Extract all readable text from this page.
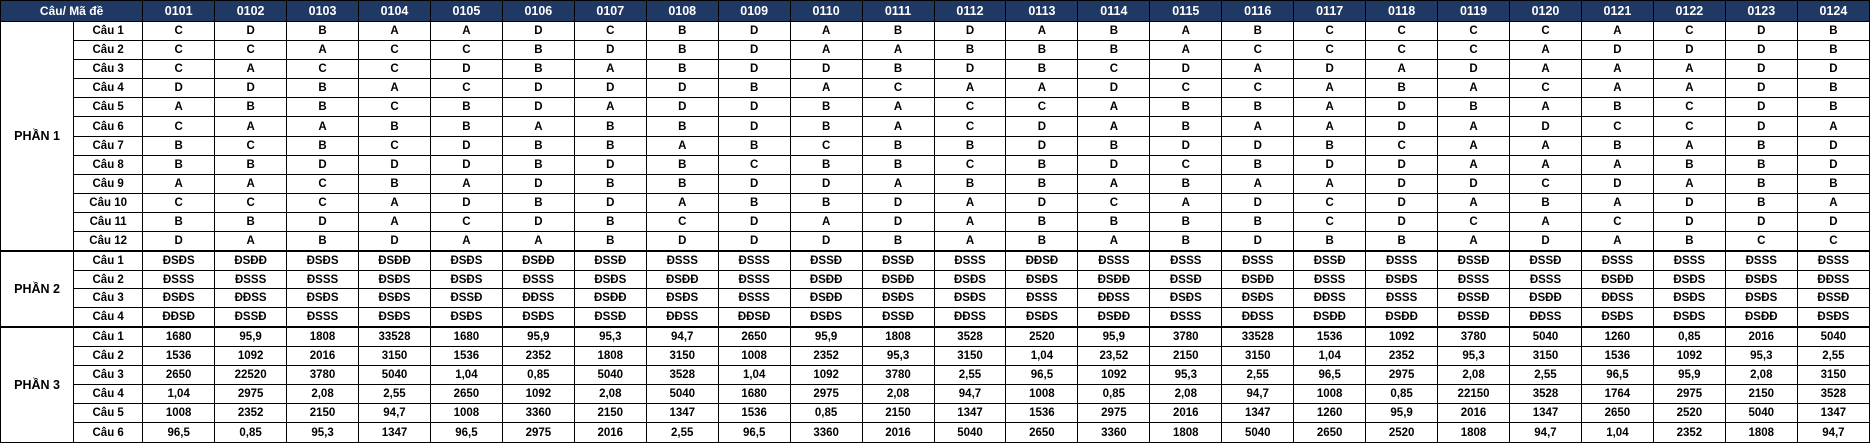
Câu/ Mã đề		0101	0102	0103	0104	0105	0106	0107	0108	0109	0110	0111	0112	0113	0114	0115	0116	0117	0118	0119	0120	0121	0122	0123	0124
PHẦN 1	Câu 1	C	D	B	A	A	D	C	B	D	A	B	D	A	B	A	B	C	C	C	C	A	C	D	B
	Câu 2	C	C	A	C	C	B	D	B	D	A	A	B	B	B	A	C	C	C	C	A	D	D	D	B
	Câu 3	C	A	C	C	D	B	A	B	D	D	B	D	B	C	D	A	D	A	D	A	A	A	D	D
	Câu 4	D	D	B	A	C	D	D	D	B	A	C	A	A	D	C	C	A	B	A	C	A	A	D	B
	Câu 5	A	B	B	C	B	D	A	D	D	B	A	C	C	A	B	B	A	D	B	A	B	C	D	B
	Câu 6	C	A	A	B	B	A	B	B	D	B	A	C	D	A	B	A	A	D	A	D	C	C	D	A
	Câu 7	B	C	B	C	D	B	B	A	B	C	B	B	D	B	D	D	B	C	A	A	B	A	B	D
	Câu 8	B	B	D	D	D	B	D	B	C	B	B	C	B	D	C	B	D	D	A	A	A	B	B	D
	Câu 9	A	A	C	B	A	D	B	B	D	D	A	B	B	A	B	A	A	D	D	C	D	A	B	B
	Câu 10	C	C	C	A	D	B	D	A	B	B	D	A	D	C	A	D	C	D	A	B	A	D	B	A
	Câu 11	B	B	D	A	C	D	B	C	D	A	D	A	B	B	B	B	C	D	C	A	C	D	D	D
	Câu 12	D	A	B	D	A	A	B	D	D	D	B	A	B	A	B	D	B	B	A	D	A	B	C	C
PHẦN 2	Câu 1	ĐSĐS	ĐSĐĐ	ĐSĐS	ĐSĐĐ	ĐSĐS	ĐSĐĐ	ĐSSĐ	ĐSSS	ĐSSS	ĐSSĐ	ĐSSĐ	ĐSSS	ĐĐSĐ	ĐSSS	ĐSSS	ĐSSS	ĐSSĐ	ĐSSS	ĐSSĐ	ĐSSĐ	ĐSSS	ĐSSS	ĐSSS	ĐSSS
	Câu 2	ĐSSS	ĐSSS	ĐSSS	ĐSĐS	ĐSĐS	ĐSSS	ĐSĐS	ĐSĐĐ	ĐSSS	ĐSĐĐ	ĐSĐĐ	ĐSĐS	ĐSĐS	ĐSĐĐ	ĐSSĐ	ĐSĐĐ	ĐSSS	ĐSĐS	ĐSSS	ĐSSS	ĐSĐĐ	ĐSĐS	ĐSĐS	ĐĐSS
	Câu 3	ĐSĐS	ĐĐSS	ĐSĐS	ĐSĐS	ĐSSĐ	ĐĐSS	ĐSĐĐ	ĐSĐS	ĐSSS	ĐSĐĐ	ĐSĐS	ĐSĐS	ĐSSS	ĐĐSS	ĐSĐS	ĐSĐS	ĐĐSS	ĐSSS	ĐSSĐ	ĐSĐĐ	ĐĐSS	ĐSĐS	ĐSĐS	ĐSSĐ
	Câu 4	ĐĐSĐ	ĐSSĐ	ĐSSS	ĐSĐS	ĐSĐS	ĐSĐS	ĐSSĐ	ĐĐSS	ĐĐSĐ	ĐSĐS	ĐSSĐ	ĐĐSS	ĐSĐS	ĐSĐĐ	ĐSSS	ĐĐSS	ĐSĐĐ	ĐSĐĐ	ĐSSĐ	ĐĐSS	ĐSĐS	ĐSĐS	ĐSĐĐ	ĐSĐS
PHẦN 3	Câu 1	1680	95,9	1808	33528	1680	95,9	95,3	94,7	2650	95,9	1808	3528	2520	95,9	3780	33528	1536	1092	3780	5040	1260	0,85	2016	5040
	Câu 2	1536	1092	2016	3150	1536	2352	1808	3150	1008	2352	95,3	3150	1,04	23,52	2150	3150	1,04	2352	95,3	3150	1536	1092	95,3	2,55
	Câu 3	2650	22520	3780	5040	1,04	0,85	5040	3528	1,04	1092	3780	2,55	96,5	1092	95,3	2,55	96,5	2975	2,08	2,55	96,5	95,9	2,08	3150
	Câu 4	1,04	2975	2,08	2,55	2650	1092	2,08	5040	1680	2975	2,08	94,7	1008	0,85	2,08	94,7	1008	0,85	22150	3528	1764	2975	2150	3528
	Câu 5	1008	2352	2150	94,7	1008	3360	2150	1347	1536	0,85	2150	1347	1536	2975	2016	1347	1260	95,9	2016	1347	2650	2520	5040	1347
	Câu 6	96,5	0,85	95,3	1347	96,5	2975	2016	2,55	96,5	3360	2016	5040	2650	3360	1808	5040	2650	2520	1808	94,7	1,04	2352	1808	94,7
